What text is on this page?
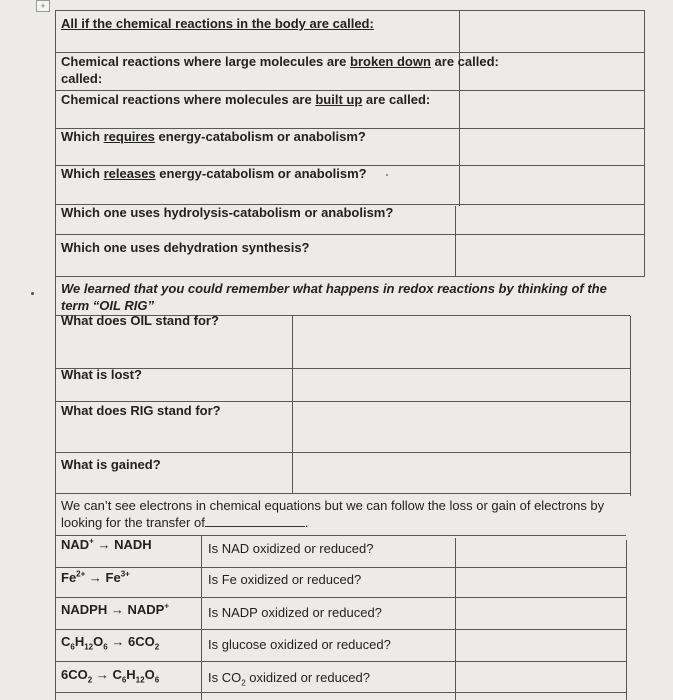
+
All if the chemical reactions in the body are called:
Chemical reactions where large molecules are broken down are called:
called:
Chemical reactions where molecules are built up are called:
Which requires energy-catabolism or anabolism?
Which releases energy-catabolism or anabolism?
Which one uses hydrolysis-catabolism or anabolism?
Which one uses dehydration synthesis?
We learned that you could remember what happens in redox reactions by thinking of the term “OIL RIG”
What does OIL stand for?
What is lost?
What does RIG stand for?
What is gained?
We can’t see electrons in chemical equations but we can follow the loss or gain of electrons by looking for the transfer of	.
NAD+ → NADH	Is NAD oxidized or reduced?
$Fe^{2+} \to Fe^{3+}$	Is Fe oxidized or reduced?
NADPH → NADP+	Is NADP oxidized or reduced?
$C_6H_{12}O_6 \to 6CO_2$	Is glucose oxidized or reduced?
$6CO_2 \to C_6H_{12}O_6$	Is $CO_2$ oxidized or reduced?
